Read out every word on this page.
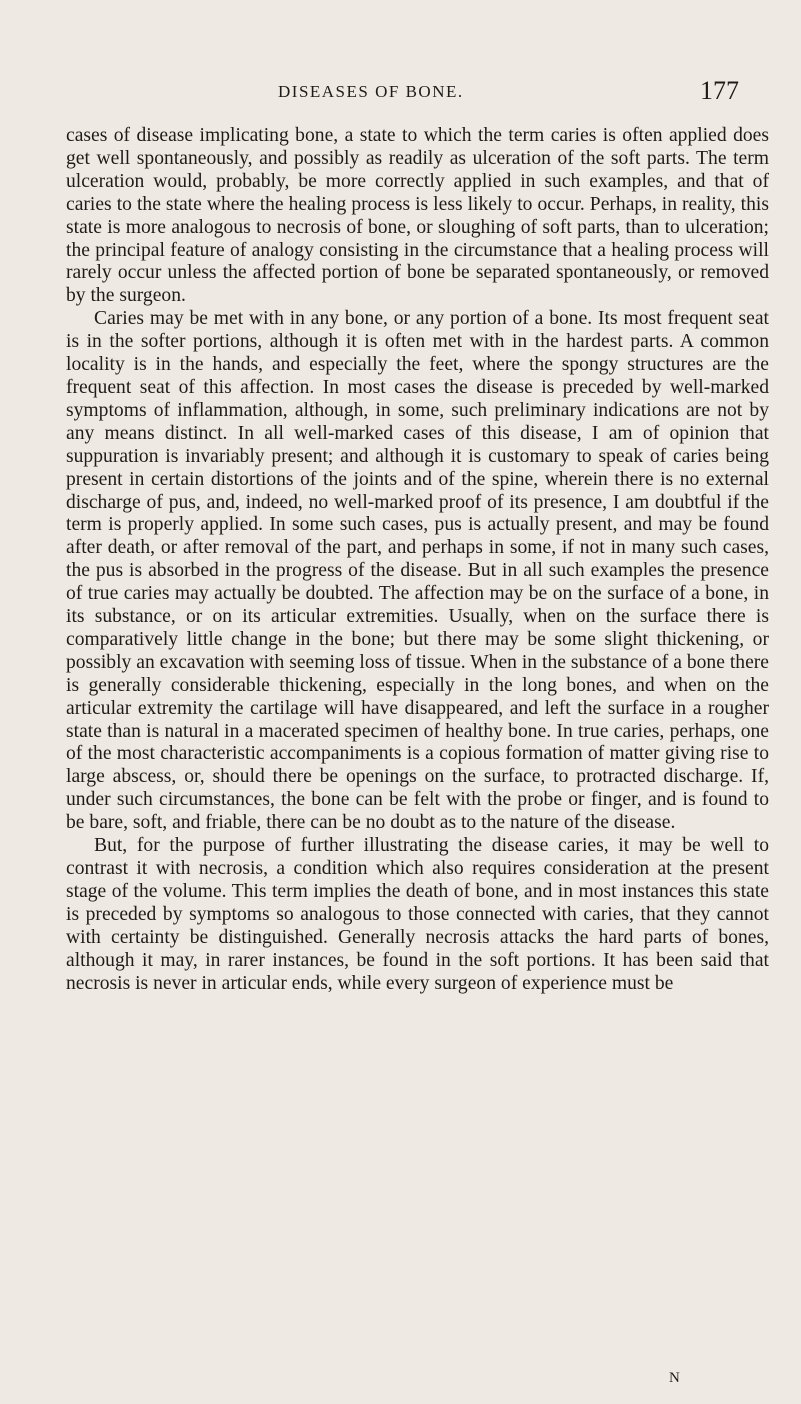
DISEASES OF BONE.	177

cases of disease implicating bone, a state to which the term caries is often applied does get well spontaneously, and possibly as readily as ulceration of the soft parts. The term ulceration would, probably, be more correctly applied in such examples, and that of caries to the state where the healing process is less likely to occur. Perhaps, in reality, this state is more analogous to necrosis of bone, or sloughing of soft parts, than to ulceration; the principal feature of analogy consisting in the circumstance that a healing process will rarely occur unless the affected portion of bone be separated spontaneously, or removed by the surgeon.

Caries may be met with in any bone, or any portion of a bone. Its most frequent seat is in the softer portions, although it is often met with in the hardest parts. A common locality is in the hands, and especially the feet, where the spongy structures are the frequent seat of this affection. In most cases the disease is preceded by well-marked symptoms of inflammation, although, in some, such preliminary indications are not by any means distinct. In all well-marked cases of this disease, I am of opinion that suppuration is invariably present; and although it is customary to speak of caries being present in certain distortions of the joints and of the spine, wherein there is no external discharge of pus, and, indeed, no well-marked proof of its presence, I am doubtful if the term is properly applied. In some such cases, pus is actually present, and may be found after death, or after removal of the part, and perhaps in some, if not in many such cases, the pus is absorbed in the progress of the disease. But in all such examples the presence of true caries may actually be doubted. The affection may be on the surface of a bone, in its substance, or on its articular extremities. Usually, when on the surface there is comparatively little change in the bone; but there may be some slight thickening, or possibly an excavation with seeming loss of tissue. When in the substance of a bone there is generally considerable thickening, especially in the long bones, and when on the articular extremity the cartilage will have disappeared, and left the surface in a rougher state than is natural in a macerated specimen of healthy bone. In true caries, perhaps, one of the most characteristic accompaniments is a copious formation of matter giving rise to large abscess, or, should there be openings on the surface, to protracted discharge. If, under such circumstances, the bone can be felt with the probe or finger, and is found to be bare, soft, and friable, there can be no doubt as to the nature of the disease.

But, for the purpose of further illustrating the disease caries, it may be well to contrast it with necrosis, a condition which also requires consideration at the present stage of the volume. This term implies the death of bone, and in most instances this state is preceded by symptoms so analogous to those connected with caries, that they cannot with certainty be distinguished. Generally necrosis attacks the hard parts of bones, although it may, in rarer instances, be found in the soft portions. It has been said that necrosis is never in articular ends, while every surgeon of experience must be

N
